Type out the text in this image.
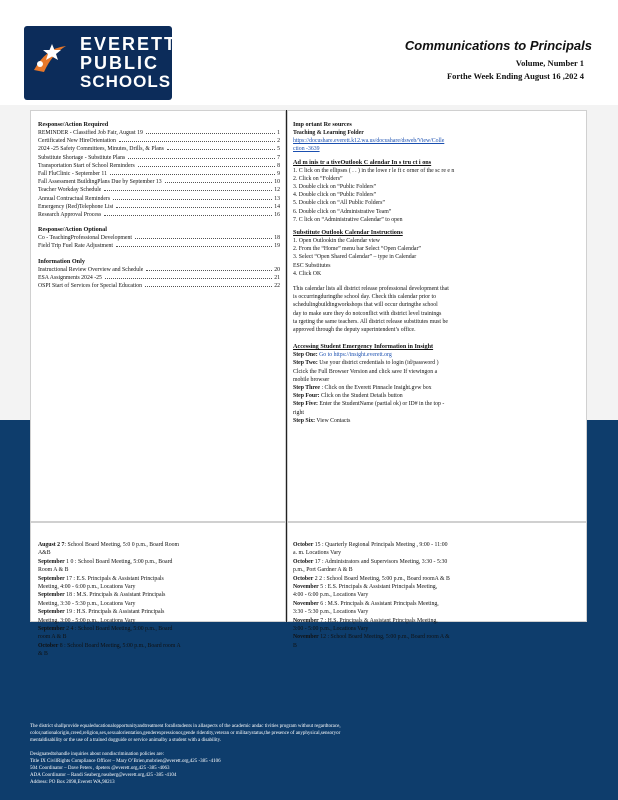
EVERETT
PUBLIC
SCHOOLS
Communications to Principals
Volume, Number 1
Forthe Week Ending August 16 ,202 4
Response/Action Required
REMINDER - Classified Job Fair, August 19	1
Certificated New HireOrientation	2
2024 -25 Safety Committees, Minutes, Drills, & Plans	5
Substitute Shortage - Substitute Plans	7
Transportation Start of School Reminders	8
Fall FluClinic - September 11	9
Fall Assessment BuildingPlans Due by September 13	10
Teacher Workday Schedule	12
Annual Contractual Reminders	13
Emergency (Red)Telephone List	14
Research Approval Process	16
Response/Action Optional
Co - TeachingProfessional Development	18
Field Trip Fuel Rate Adjustment	19
Information Only
Instructional Review Overview and Schedule	20
ESA Assignments 2024 -25	21
OSPI Start of Services for Special Education	22
Imp ortant Re sources
Teaching & Learning Folder
https://docushare.everett.k12.wa.us/docushare/dsweb/View/Colle
ction -3639
Ad m inis tr a tiveOutlook C alendar In s tru ct i ons
1. C lick on the ellipses ( . . ) in the lowe r le ft c orner of the sc re e n
2. Click on “Folders”
3. Double click on “Public Folders”
4. Double click on “Public Folders”
5. Double click on “All Public Folders”
6. Double click on “Administrative Team”
7. C lick on “Administrative Calendar” to open
Substitute Outlook Calendar Instructions
1. Open Outlookin the Calendar view
2. From the “Home” menu bar Select “Open Calendar”
3. Select “Open Shared Calendar” – type in Calendar
ESC Substitutes
4. Click OK
This calendar lists all district release professional development that
is occurringduringthe school day. Check this calendar prior to
schedulingbuildingworkshops that will occur duringthe school
day to make sure they do notconflict with district level trainings
ta rgeting the same teachers. All district release substitutes must be
approved through the deputy superintendent’s office.
Accessing Student Emergency Information in Insight
Step One: Go to https://insight.everett.org
Step Two: Use your district credentials to login (id/password )
Clcick the Full Browser Version and click save If viewingon a
mobile browser
Step Three : Click on the Everett Pinnacle Insight.gvw box
Step Four: Click on the Student Details button
Step Five: Enter the StudentName (partial ok) or ID# in the top -
right
Step Six: View Contacts
August 2 7: School Board Meeting, 5:0 0 p.m., Board Room
A&B
September 1 0 : School Board Meeting, 5:00 p.m., Board
Room A & B
September 17 : E.S. Principals & Assistant Principals
Meeting, 4:00 - 6:00 p.m., Locations Vary
September 18 : M.S. Principals & Assistant Principals
Meeting, 3:30 - 5:30 p.m., Locations Vary
September 19 : H.S. Principals & Assistant Principals
Meeting, 3:00 - 5:00 p.m., Locations Vary
September 2 4 : School Board Meeting, 5:00 p.m., Board
room A & B
October 8 : School Board Meeting, 5:00 p.m., Board room A
& B
October 15 : Quarterly Regional Principals Meeting , 9:00 - 11:00
a. m. Locations Vary
October 17 : Administrators and Supervisors Meeting, 3:30 - 5:30
p.m., Port Gardner A & B
October 2 2 : School Board Meeting, 5:00 p.m., Board roomA & B
November 5 : E.S. Principals & Assistant Principals Meeting,
4:00 - 6:00 p.m., Locations Vary
November 6 : M.S. Principals & Assistant Principals Meeting,
3:30 - 5:30 p.m., Locations Vary
November 7 : H.S. Principals & Assistant Principals Meeting,
3:00 - 5:00 p.m., Locations Vary
November 12 : School Board Meeting, 5:00 p.m., Board room A &
B
The district shallprovide equaleducationalopportunityandtreatment forallstudents in allaspects of the academic andac tivities program without regardtorace,
color,nationalorigin,creed,religion,sex,sexualorientation,genderexpressionor,gende ridentity,veteran or militarystatus,the presence of anyphysical,sensoryor
mentaldisability or the use of a trained dogguide or service animalby a student with a disability.
Designatedtohandle inquiries about nondiscrimination policies are:
Title IX CivilRights Compliance Officer – Mary O’Brien,mobrien@everett.org,425 -385 -4106
504 Coordinator – Dave Peters , dpeters @everett.org,425 -385 -4063
ADA Coordinator – Randi Seaberg,rseaberg@everett.org,425 -385 -4104
Address: PO Box 2098,Everett WA,98213
